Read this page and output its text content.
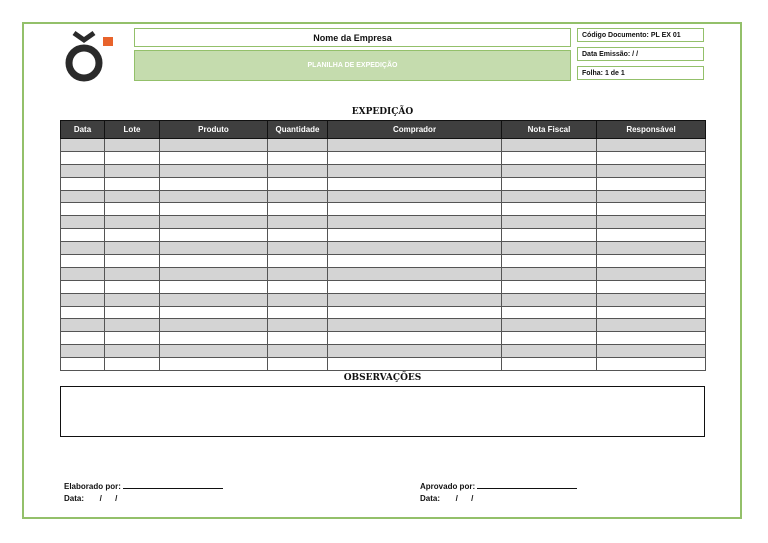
Nome da Empresa
PLANILHA DE EXPEDIÇÃO
Código Documento: PL EX 01
Data Emissão: / /
Folha: 1 de 1
EXPEDIÇÃO
Data	Lote	Produto	Quantidade	Comprador	Nota Fiscal	Responsável

OBSERVAÇÕES
Elaborado por:
Data:       /      /
Aprovado por:
Data:       /      /
